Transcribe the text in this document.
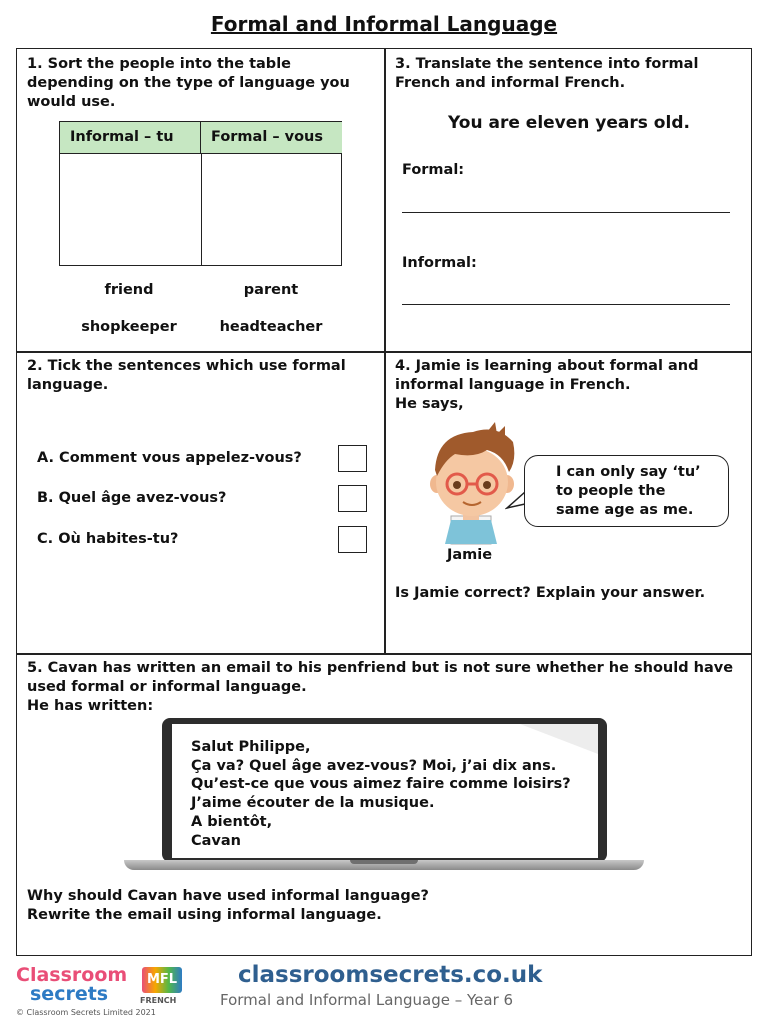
Formal and Informal Language
1. Sort the people into the table
depending on the type of language you
would use.
Informal – tu	Formal – vous
friend	parent
shopkeeper	headteacher
3. Translate the sentence into formal
French and informal French.
You are eleven years old.
Formal:
Informal:
2. Tick the sentences which use formal
language.
A. Comment vous appelez-vous?
B. Quel âge avez-vous?
C. Où habites-tu?
4. Jamie is learning about formal and
informal language in French.
He says,
Jamie
Is Jamie correct? Explain your answer.
5. Cavan has written an email to his penfriend but is not sure whether he should have
used formal or informal language.
He has written:
Why should Cavan have used informal language?
Rewrite the email using informal language.
I can only say ‘tu’
to people the
same age as me.
Salut Philippe,
Ça va? Quel âge avez-vous? Moi, j’ai dix ans.
Qu’est-ce que vous aimez faire comme loisirs?
J’aime écouter de la musique.
A bientôt,
Cavan
Classroom
secrets
MFL
FRENCH
© Classroom Secrets Limited 2021
classroomsecrets.co.uk
Formal and Informal Language – Year 6
